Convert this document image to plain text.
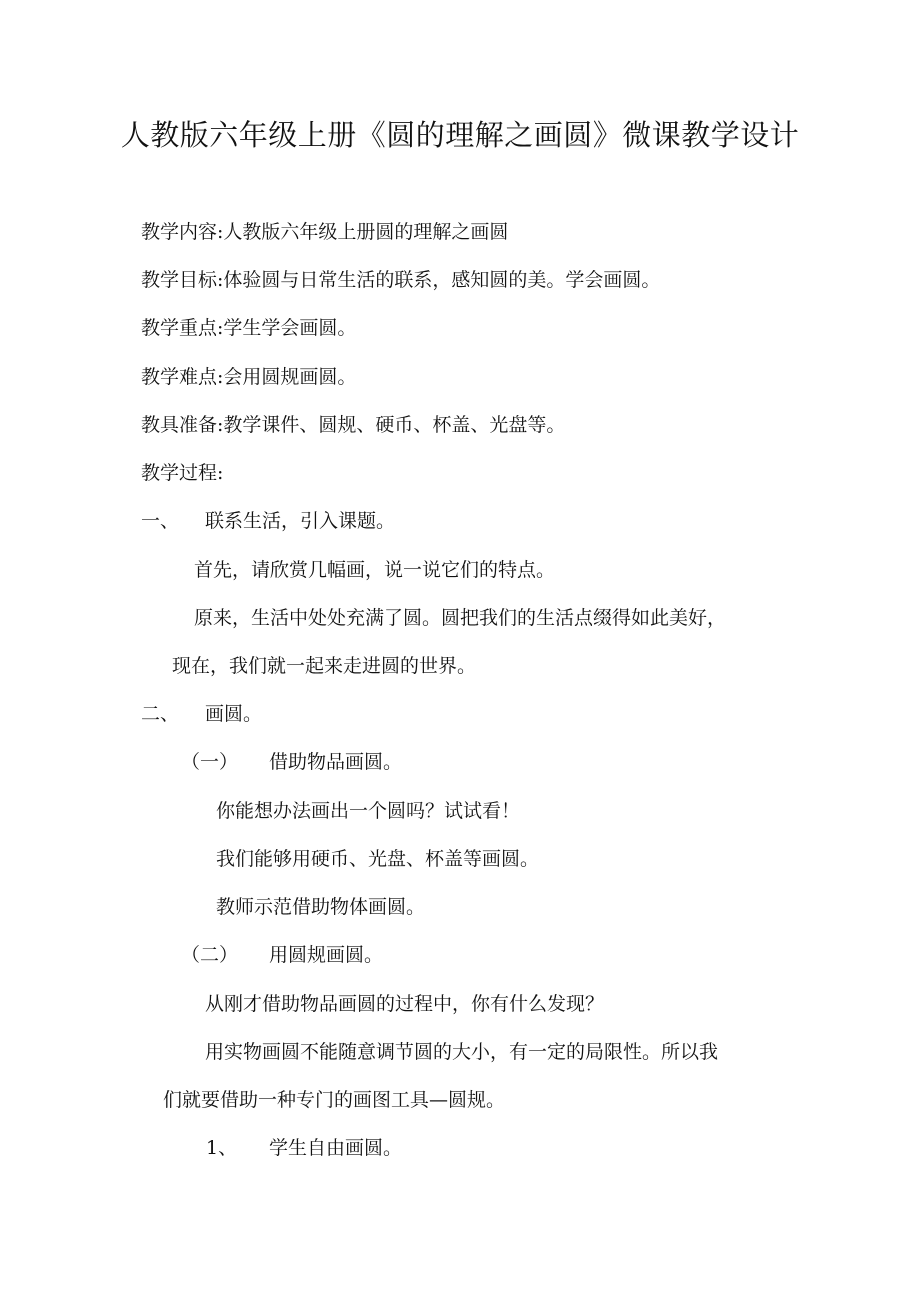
人教版六年级上册《圆的理解之画圆》微课教学设计
教学内容:人教版六年级上册圆的理解之画圆
教学目标:体验圆与日常生活的联系，感知圆的美。学会画圆。
教学重点:学生学会画圆。
教学难点:会用圆规画圆。
教具准备:教学课件、圆规、硬币、杯盖、光盘等。
教学过程:
一、 联系生活，引入课题。
首先，请欣赏几幅画，说一说它们的特点。
原来，生活中处处充满了圆。圆把我们的生活点缀得如此美好，
现在，我们就一起来走进圆的世界。
二、 画圆。
（一） 借助物品画圆。
你能想办法画出一个圆吗？试试看！
我们能够用硬币、光盘、杯盖等画圆。
教师示范借助物体画圆。
（二） 用圆规画圆。
从刚才借助物品画圆的过程中，你有什么发现？
用实物画圆不能随意调节圆的大小，有一定的局限性。所以我
们就要借助一种专门的画图工具—圆规。
1、 学生自由画圆。
